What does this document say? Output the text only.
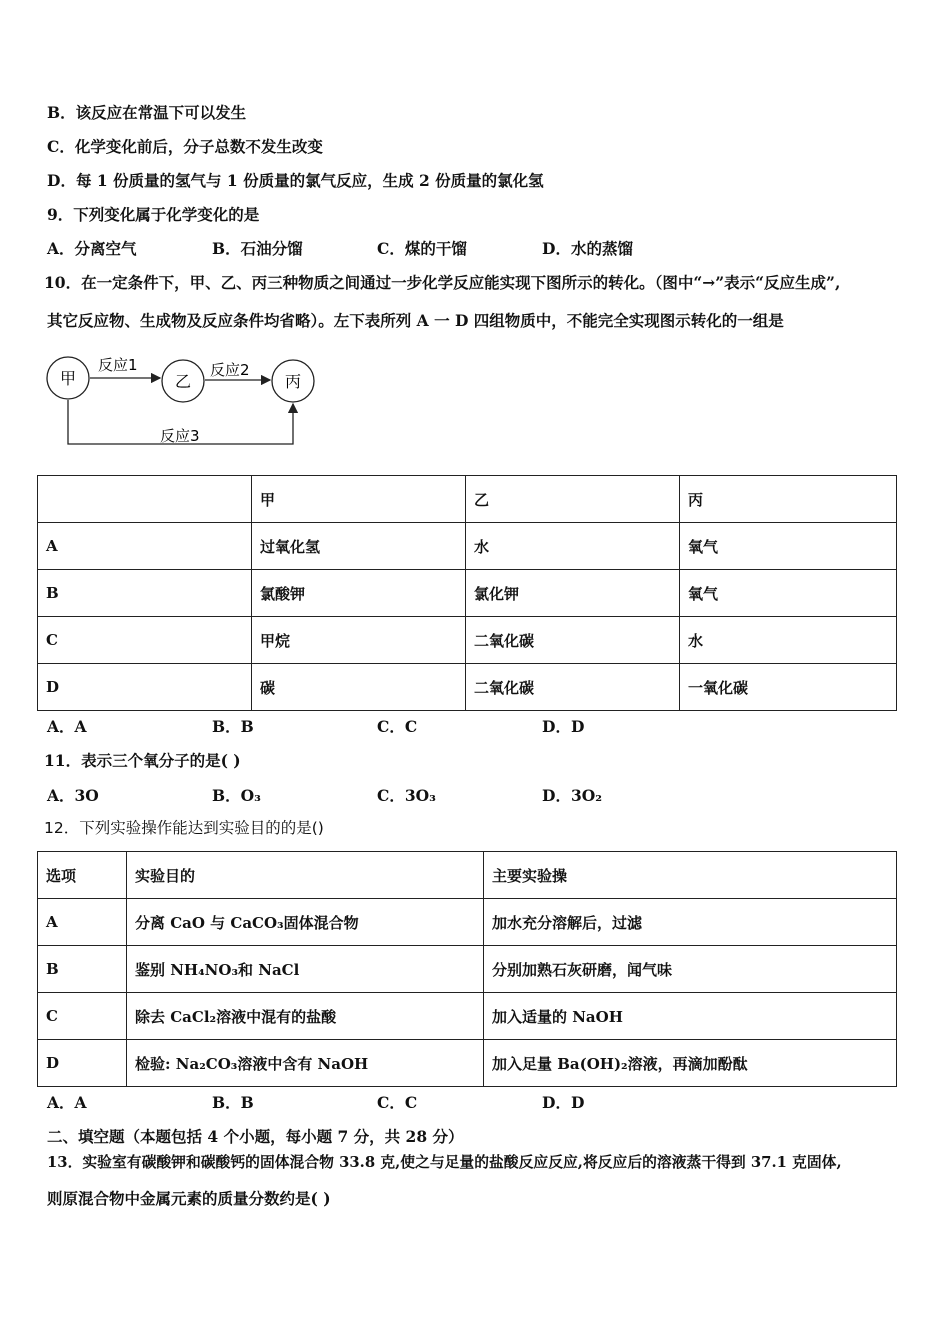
B．该反应在常温下可以发生
C．化学变化前后，分子总数不发生改变
D．每 1 份质量的氢气与 1 份质量的氯气反应，生成 2 份质量的氯化氢
9．下列变化属于化学变化的是
A．分离空气	B．石油分馏	C．煤的干馏	D．水的蒸馏
10．在一定条件下，甲、乙、丙三种物质之间通过一步化学反应能实现下图所示的转化。（图中“→”表示“反应生成”,
其它反应物、生成物及反应条件均省略）。左下表所列 A 一 D 四组物质中，不能完全实现图示转化的一组是
甲	乙	丙
反应1	反应2
反应3
	甲	乙	丙
A	过氧化氢	水	氧气
B	氯酸钾	氯化钾	氧气
C	甲烷	二氧化碳	水
D	碳	二氧化碳	一氧化碳
A．A	B．B	C．C	D．D
11．表示三个氧分子的是( )
A．3O	B．O₃	C．3O₃	D．3O₂
12．下列实验操作能达到实验目的的是()
选项	实验目的	主要实验操
A	分离 CaO 与 CaCO₃固体混合物	加水充分溶解后，过滤
B	鉴别 NH₄NO₃和 NaCl	分别加熟石灰研磨，闻气味
C	除去 CaCl₂溶液中混有的盐酸	加入适量的 NaOH
D	检验: Na₂CO₃溶液中含有 NaOH	加入足量 Ba(OH)₂溶液，再滴加酚酞
A．A	B．B	C．C	D．D
二、填空题（本题包括 4 个小题，每小题 7 分，共 28 分）
13．实验室有碳酸钾和碳酸钙的固体混合物 33.8 克,使之与足量的盐酸反应反应,将反应后的溶液蒸干得到 37.1 克固体,
则原混合物中金属元素的质量分数约是( )
